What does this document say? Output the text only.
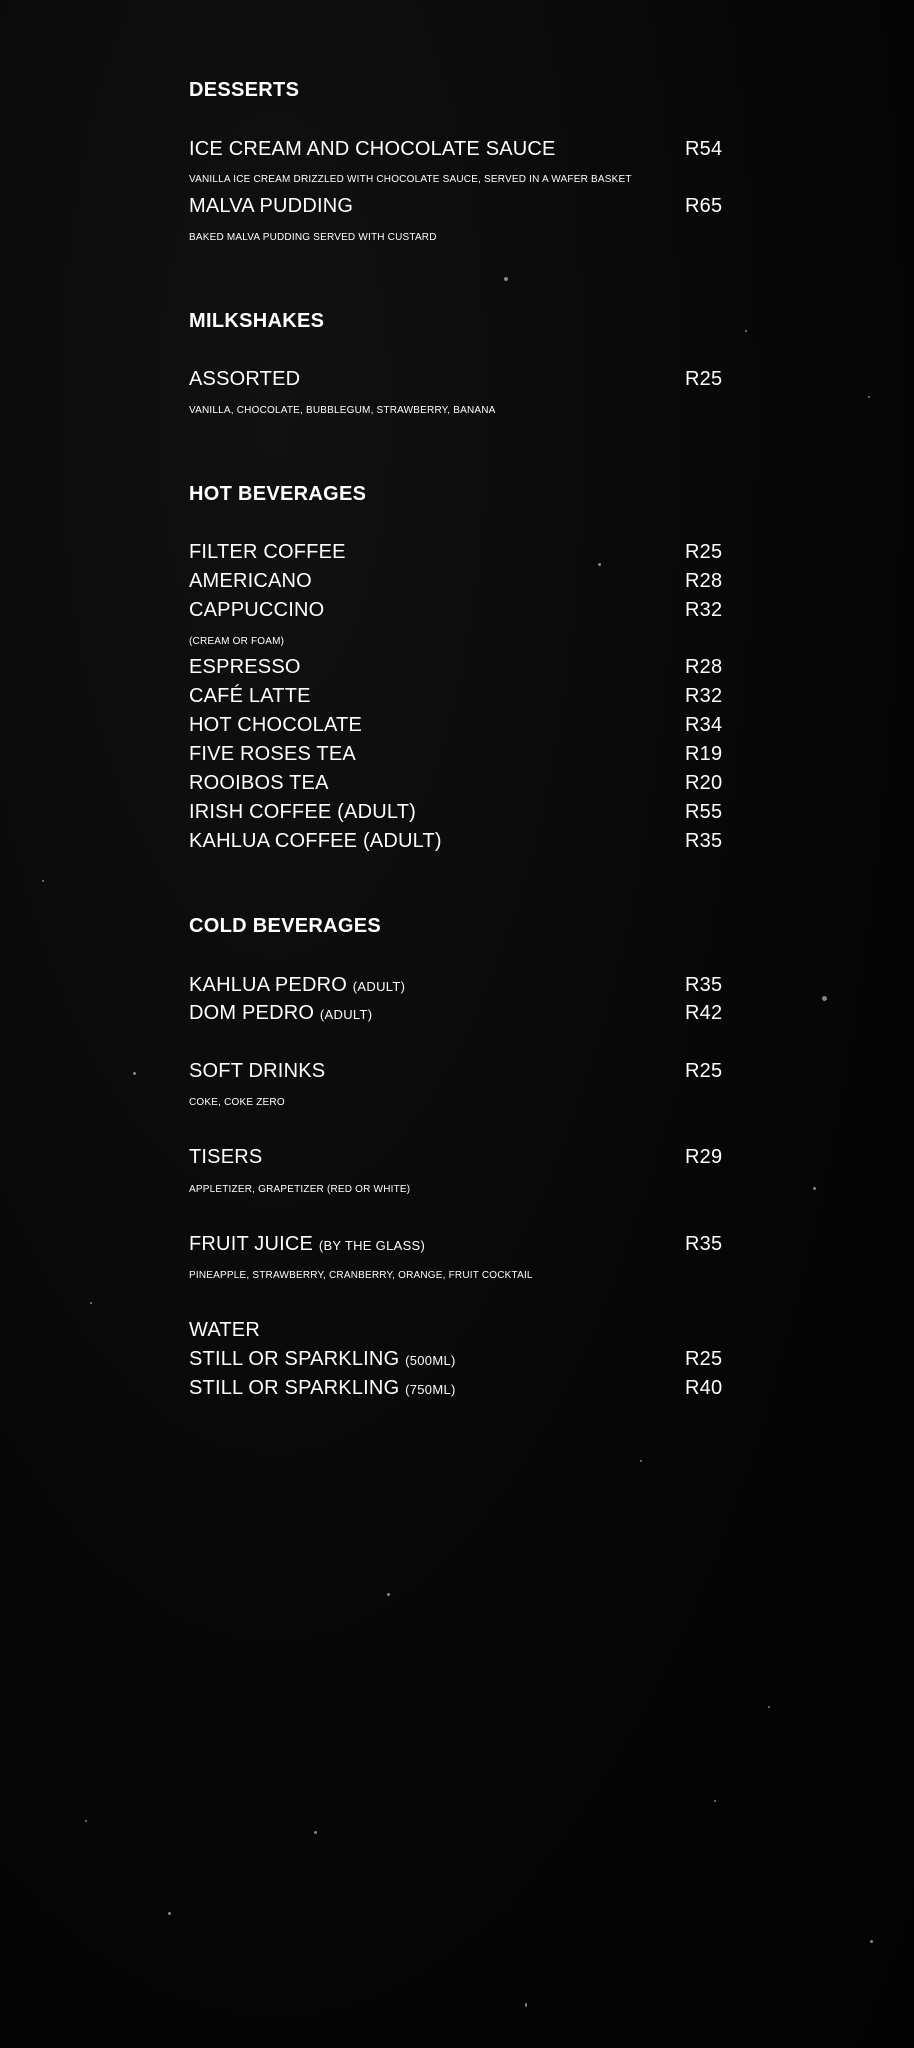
DESSERTS
ICE CREAM AND CHOCOLATE SAUCE	R54
VANILLA ICE CREAM DRIZZLED WITH CHOCOLATE SAUCE, SERVED IN A WAFER BASKET
MALVA PUDDING	R65
BAKED MALVA PUDDING SERVED WITH CUSTARD
MILKSHAKES
ASSORTED	R25
VANILLA, CHOCOLATE, BUBBLEGUM, STRAWBERRY, BANANA
HOT BEVERAGES
FILTER COFFEE	R25
AMERICANO	R28
CAPPUCCINO	R32
(CREAM OR FOAM)
ESPRESSO	R28
CAFÉ LATTE	R32
HOT CHOCOLATE	R34
FIVE ROSES TEA	R19
ROOIBOS TEA	R20
IRISH COFFEE (ADULT)	R55
KAHLUA COFFEE (ADULT)	R35
COLD BEVERAGES
KAHLUA PEDRO (ADULT)	R35
DOM PEDRO (ADULT)	R42
SOFT DRINKS	R25
COKE, COKE ZERO
TISERS	R29
APPLETIZER, GRAPETIZER (RED OR WHITE)
FRUIT JUICE (BY THE GLASS)	R35
PINEAPPLE, STRAWBERRY, CRANBERRY, ORANGE, FRUIT COCKTAIL
WATER
STILL OR SPARKLING (500ML)	R25
STILL OR SPARKLING (750ML)	R40
